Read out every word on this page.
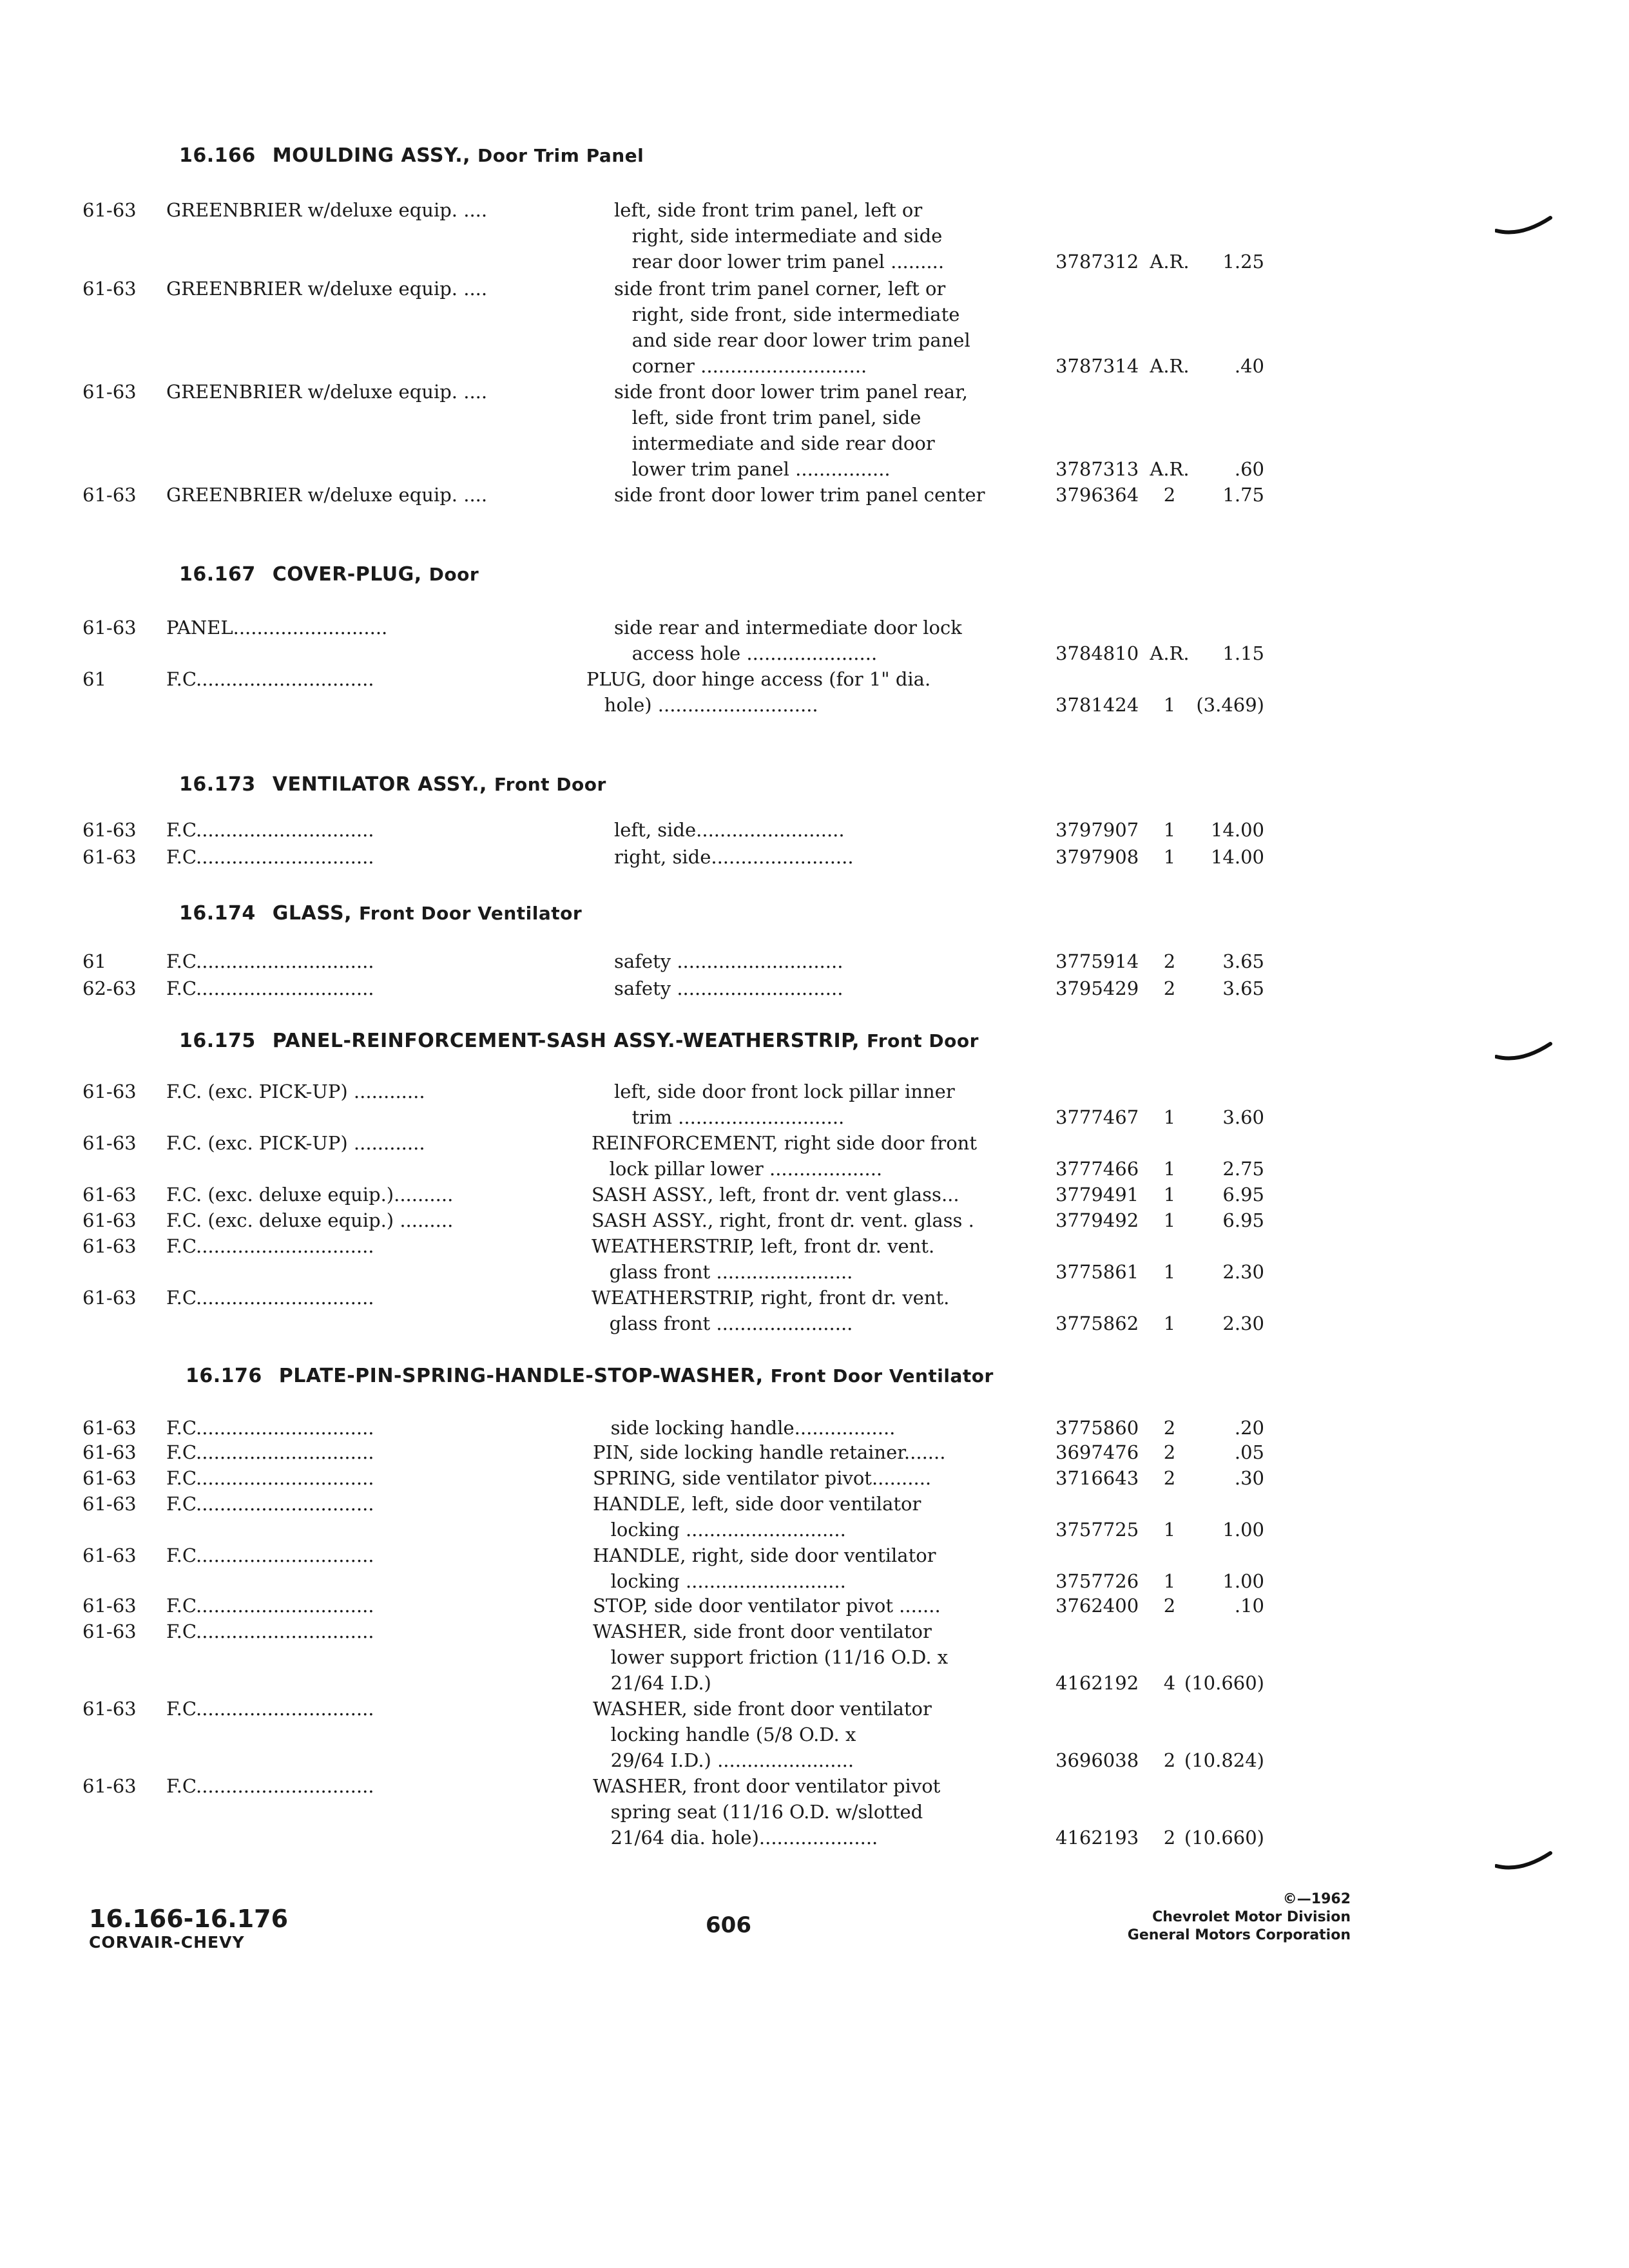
16.166 MOULDING ASSY., Door Trim Panel
16.167 COVER-PLUG, Door
16.173 VENTILATOR ASSY., Front Door
16.174 GLASS, Front Door Ventilator
16.175 PANEL-REINFORCEMENT-SASH ASSY.-WEATHERSTRIP, Front Door
16.176 PLATE-PIN-SPRING-HANDLE-STOP-WASHER, Front Door Ventilator
61-63 GREENBRIER w/deluxe equip. ....	left, side front trim panel, left or
right, side intermediate and side
rear door lower trim panel .........	3787312 A.R.	1.25
61-63 GREENBRIER w/deluxe equip. ....	side front trim panel corner, left or
right, side front, side intermediate
and side rear door lower trim panel
corner ............................	3787314 A.R.	.40
61-63 GREENBRIER w/deluxe equip. ....	side front door lower trim panel rear,
left, side front trim panel, side
intermediate and side rear door
lower trim panel ................	3787313 A.R.	.60
61-63 GREENBRIER w/deluxe equip. ....	side front door lower trim panel center	3796364	2	1.75
61-63 PANEL..........................	side rear and intermediate door lock
access hole ......................	3784810 A.R.	1.15
61	F.C..............................	PLUG, door hinge access (for 1" dia.
hole) ...........................	3781424	1	(3.469)
61-63 F.C..............................	left, side.........................	3797907	1	14.00
61-63 F.C..............................	right, side........................	3797908	1	14.00
61	F.C..............................	safety ............................	3775914	2	3.65
62-63 F.C..............................	safety ............................	3795429	2	3.65
61-63 F.C. (exc. PICK-UP) ............	left, side door front lock pillar inner
trim ............................	3777467	1	3.60
61-63 F.C. (exc. PICK-UP) ............	REINFORCEMENT, right side door front
lock pillar lower ...................	3777466	1	2.75
61-63 F.C. (exc. deluxe equip.)..........	SASH ASSY., left, front dr. vent glass...	3779491	1	6.95
61-63 F.C. (exc. deluxe equip.) .........	SASH ASSY., right, front dr. vent. glass .	3779492	1	6.95
61-63 F.C..............................	WEATHERSTRIP, left, front dr. vent.
glass front .......................	3775861	1	2.30
61-63 F.C..............................	WEATHERSTRIP, right, front dr. vent.
glass front .......................	3775862	1	2.30
61-63 F.C..............................	side locking handle.................	3775860	2	.20
61-63 F.C..............................	PIN, side locking handle retainer.......	3697476	2	.05
61-63 F.C..............................	SPRING, side ventilator pivot..........	3716643	2	.30
61-63 F.C..............................	HANDLE, left, side door ventilator
locking ...........................	3757725	1	1.00
61-63 F.C..............................	HANDLE, right, side door ventilator
locking ...........................	3757726	1	1.00
61-63 F.C..............................	STOP, side door ventilator pivot .......	3762400	2	.10
61-63 F.C..............................	WASHER, side front door ventilator
lower support friction (11/16 O.D. x
21/64 I.D.)	4162192	4 (10.660)
61-63 F.C..............................	WASHER, side front door ventilator
locking handle (5/8 O.D. x
29/64 I.D.) .......................	3696038	2 (10.824)
61-63 F.C..............................	WASHER, front door ventilator pivot
spring seat (11/16 O.D. w/slotted
21/64 dia. hole)....................	4162193	2 (10.660)
16.166-16.176
CORVAIR-CHEVY
606
©—1962
Chevrolet Motor Division
General Motors Corporation
